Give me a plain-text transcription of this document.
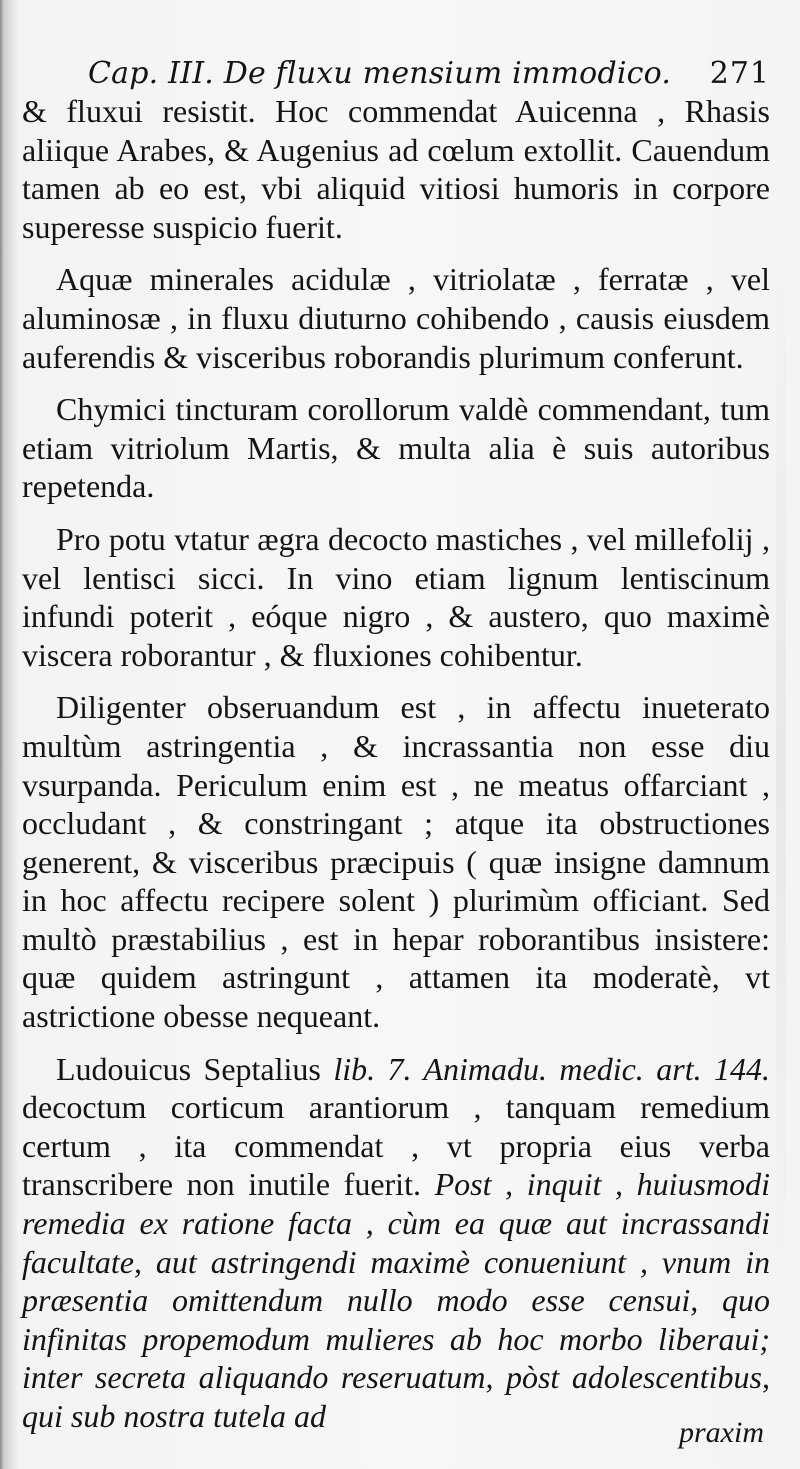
Cap. III. De fluxu mensium immodico. 271

& fluxui resistit. Hoc commendat Auicenna , Rhasis aliique Arabes, & Augenius ad cœlum extollit. Cauendum tamen ab eo est, vbi aliquid vitiosi humoris in corpore superesse suspicio fuerit.

Aquæ minerales acidulæ , vitriolatæ , ferratæ , vel aluminosæ , in fluxu diuturno cohibendo , causis eiusdem auferendis & visceribus roborandis plurimum conferunt.

Chymici tincturam corollorum valdè commendant, tum etiam vitriolum Martis, & multa alia è suis autoribus repetenda.

Pro potu vtatur ægra decocto mastiches , vel millefolij , vel lentisci sicci. In vino etiam lignum lentiscinum infundi poterit , eóque nigro , & austero, quo maximè viscera roborantur , & fluxiones cohibentur.

Diligenter obseruandum est , in affectu inueterato multùm astringentia , & incrassantia non esse diu vsurpanda. Periculum enim est , ne meatus offarciant , occludant , & constringant ; atque ita obstructiones generent, & visceribus præcipuis ( quæ insigne damnum in hoc affectu recipere solent ) plurimùm officiant. Sed multò præstabilius , est in hepar roborantibus insistere: quæ quidem astringunt , attamen ita moderatè, vt astrictione obesse nequeant.

Ludouicus Septalius lib. 7. Animadu. medic. art. 144. decoctum corticum arantiorum , tanquam remedium certum , ita commendat , vt propria eius verba transcribere non inutile fuerit. Post , inquit , huiusmodi remedia ex ratione facta , cùm ea quæ aut incrassandi facultate, aut astringendi maximè conueniunt , vnum in præsentia omittendum nullo modo esse censui, quo infinitas propemodum mulieres ab hoc morbo liberaui; inter secreta aliquando reseruatum, pòst adolescentibus, qui sub nostra tutela ad	praxim
